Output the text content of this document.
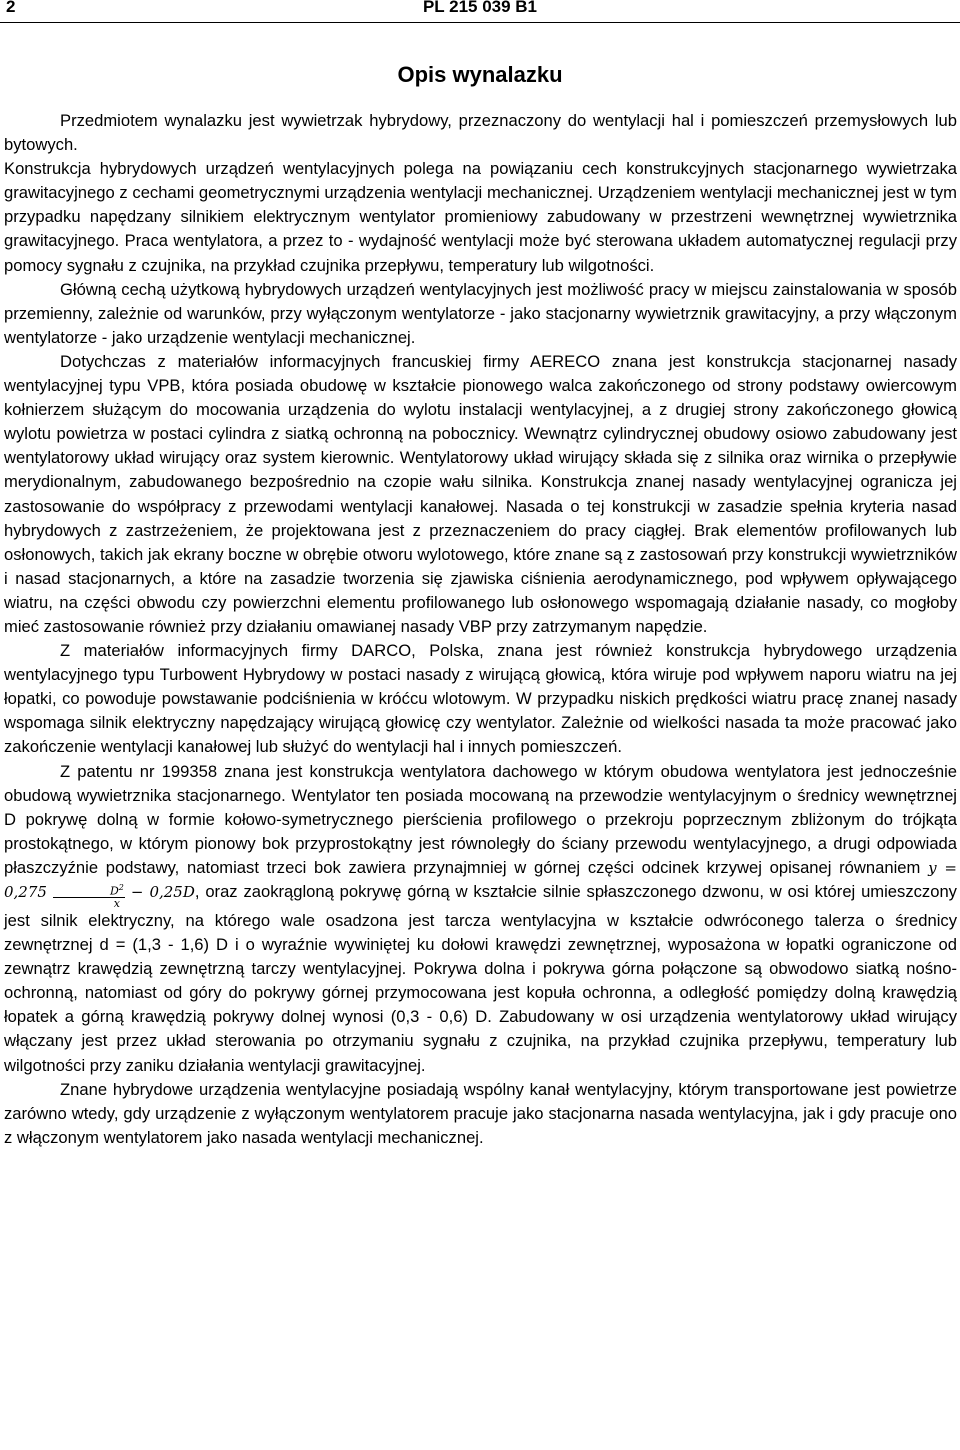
2	PL 215 039 B1
Opis wynalazku

Przedmiotem wynalazku jest wywietrzak hybrydowy, przeznaczony do wentylacji hal i pomieszczeń przemysłowych lub bytowych.

Konstrukcja hybrydowych urządzeń wentylacyjnych polega na powiązaniu cech konstrukcyjnych stacjonarnego wywietrzaka grawitacyjnego z cechami geometrycznymi urządzenia wentylacji mechanicznej. Urządzeniem wentylacji mechanicznej jest w tym przypadku napędzany silnikiem elektrycznym wentylator promieniowy zabudowany w przestrzeni wewnętrznej wywietrznika grawitacyjnego. Praca wentylatora, a przez to - wydajność wentylacji może być sterowana układem automatycznej regulacji przy pomocy sygnału z czujnika, na przykład czujnika przepływu, temperatury lub wilgotności.

Główną cechą użytkową hybrydowych urządzeń wentylacyjnych jest możliwość pracy w miejscu zainstalowania w sposób przemienny, zależnie od warunków, przy wyłączonym wentylatorze - jako stacjonarny wywietrznik grawitacyjny, a przy włączonym wentylatorze - jako urządzenie wentylacji mechanicznej.

Dotychczas z materiałów informacyjnych francuskiej firmy AERECO znana jest konstrukcja stacjonarnej nasady wentylacyjnej typu VPB, która posiada obudowę w kształcie pionowego walca zakończonego od strony podstawy owiercowym kołnierzem służącym do mocowania urządzenia do wylotu instalacji wentylacyjnej, a z drugiej strony zakończonego głowicą wylotu powietrza w postaci cylindra z siatką ochronną na pobocznicy. Wewnątrz cylindrycznej obudowy osiowo zabudowany jest wentylatorowy układ wirujący oraz system kierownic. Wentylatorowy układ wirujący składa się z silnika oraz wirnika o przepływie merydionalnym, zabudowanego bezpośrednio na czopie wału silnika. Konstrukcja znanej nasady wentylacyjnej ogranicza jej zastosowanie do współpracy z przewodami wentylacji kanałowej. Nasada o tej konstrukcji w zasadzie spełnia kryteria nasad hybrydowych z zastrzeżeniem, że projektowana jest z przeznaczeniem do pracy ciągłej. Brak elementów profilowanych lub osłonowych, takich jak ekrany boczne w obrębie otworu wylotowego, które znane są z zastosowań przy konstrukcji wywietrzników i nasad stacjonarnych, a które na zasadzie tworzenia się zjawiska ciśnienia aerodynamicznego, pod wpływem opływającego wiatru, na części obwodu czy powierzchni elementu profilowanego lub osłonowego wspomagają działanie nasady, co mogłoby mieć zastosowanie również przy działaniu omawianej nasady VBP przy zatrzymanym napędzie.

Z materiałów informacyjnych firmy DARCO, Polska, znana jest również konstrukcja hybrydowego urządzenia wentylacyjnego typu Turbowent Hybrydowy w postaci nasady z wirującą głowicą, która wiruje pod wpływem naporu wiatru na jej łopatki, co powoduje powstawanie podciśnienia w króćcu wlotowym. W przypadku niskich prędkości wiatru pracę znanej nasady wspomaga silnik elektryczny napędzający wirującą głowicę czy wentylator. Zależnie od wielkości nasada ta może pracować jako zakończenie wentylacji kanałowej lub służyć do wentylacji hal i innych pomieszczeń.

Z patentu nr 199358 znana jest konstrukcja wentylatora dachowego w którym obudowa wentylatora jest jednocześnie obudową wywietrznika stacjonarnego. Wentylator ten posiada mocowaną na przewodzie wentylacyjnym o średnicy wewnętrznej D pokrywę dolną w formie kołowo-symetrycznego pierścienia profilowego o przekroju poprzecznym zbliżonym do trójkąta prostokątnego, w którym pionowy bok przyprostokątny jest równoległy do ściany przewodu wentylacyjnego, a drugi odpowiada płaszczyźnie podstawy, natomiast trzeci bok zawiera przynajmniej w górnej części odcinek krzywej opisanej równaniem $y = 0,275 \frac{D^2}{x} - 0,25D$, oraz zaokrągloną pokrywę górną w kształcie silnie spłaszczonego dzwonu, w osi której umieszczony jest silnik elektryczny, na którego wale osadzona jest tarcza wentylacyjna w kształcie odwróconego talerza o średnicy zewnętrznej d = (1,3 - 1,6) D i o wyraźnie wywiniętej ku dołowi krawędzi zewnętrznej, wyposażona w łopatki ograniczone od zewnątrz krawędzią zewnętrzną tarczy wentylacyjnej. Pokrywa dolna i pokrywa górna połączone są obwodowo siatką nośno-ochronną, natomiast od góry do pokrywy górnej przymocowana jest kopuła ochronna, a odległość pomiędzy dolną krawędzią łopatek a górną krawędzią pokrywy dolnej wynosi (0,3 - 0,6) D. Zabudowany w osi urządzenia wentylatorowy układ wirujący włączany jest przez układ sterowania po otrzymaniu sygnału z czujnika, na przykład czujnika przepływu, temperatury lub wilgotności przy zaniku działania wentylacji grawitacyjnej.

Znane hybrydowe urządzenia wentylacyjne posiadają wspólny kanał wentylacyjny, którym transportowane jest powietrze zarówno wtedy, gdy urządzenie z wyłączonym wentylatorem pracuje jako stacjonarna nasada wentylacyjna, jak i gdy pracuje ono z włączonym wentylatorem jako nasada wentylacji mechanicznej.
